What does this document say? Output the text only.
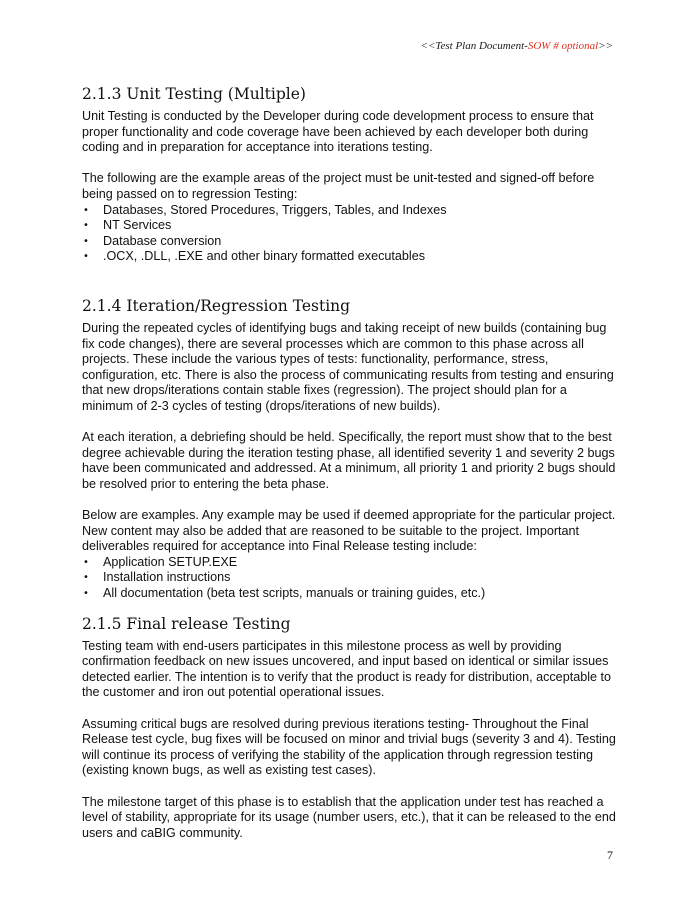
<<Test Plan Document-SOW # optional>>
2.1.3 Unit Testing (Multiple)

Unit Testing is conducted by the Developer during code development process to ensure that proper functionality and code coverage have been achieved by each developer both during coding and in preparation for acceptance into iterations testing.

The following are the example areas of the project must be unit-tested and signed-off before being passed on to regression Testing:

• Databases, Stored Procedures, Triggers, Tables, and Indexes
• NT Services
• Database conversion
• .OCX, .DLL, .EXE and other binary formatted executables
2.1.4 Iteration/Regression Testing

During the repeated cycles of identifying bugs and taking receipt of new builds (containing bug fix code changes), there are several processes which are common to this phase across all projects. These include the various types of tests: functionality, performance, stress, configuration, etc. There is also the process of communicating results from testing and ensuring that new drops/iterations contain stable fixes (regression). The project should plan for a minimum of 2-3 cycles of testing (drops/iterations of new builds).

At each iteration, a debriefing should be held. Specifically, the report must show that to the best degree achievable during the iteration testing phase, all identified severity 1 and severity 2 bugs have been communicated and addressed. At a minimum, all priority 1 and priority 2 bugs should be resolved prior to entering the beta phase.

Below are examples. Any example may be used if deemed appropriate for the particular project. New content may also be added that are reasoned to be suitable to the project. Important deliverables required for acceptance into Final Release testing include:

• Application SETUP.EXE
• Installation instructions
• All documentation (beta test scripts, manuals or training guides, etc.)
2.1.5 Final release Testing

Testing team with end-users participates in this milestone process as well by providing confirmation feedback on new issues uncovered, and input based on identical or similar issues detected earlier. The intention is to verify that the product is ready for distribution, acceptable to the customer and iron out potential operational issues.

Assuming critical bugs are resolved during previous iterations testing- Throughout the Final Release test cycle, bug fixes will be focused on minor and trivial bugs (severity 3 and 4). Testing will continue its process of verifying the stability of the application through regression testing (existing known bugs, as well as existing test cases).

The milestone target of this phase is to establish that the application under test has reached a level of stability, appropriate for its usage (number users, etc.), that it can be released to the end users and caBIG community.

7
